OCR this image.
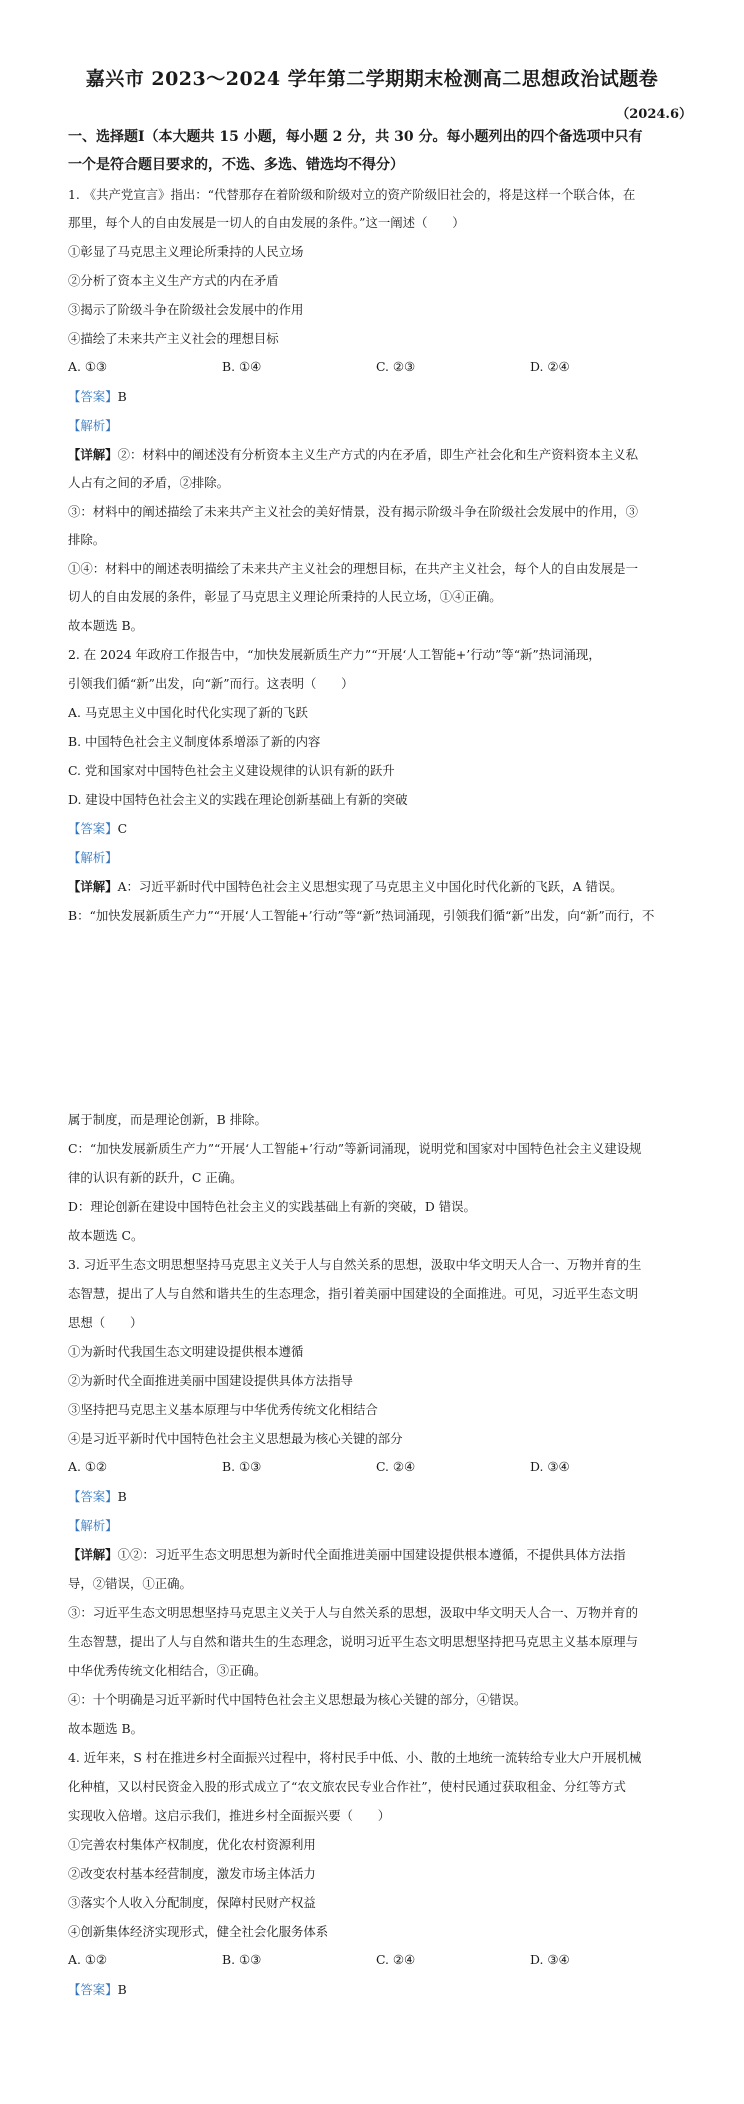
嘉兴市 2023～2024 学年第二学期期末检测高二思想政治试题卷
（2024.6）
一、选择题Ⅰ（本大题共 15 小题，每小题 2 分，共 30 分。每小题列出的四个备选项中只有
一个是符合题目要求的，不选、多选、错选均不得分）
1. 《共产党宣言》指出：“代替那存在着阶级和阶级对立的资产阶级旧社会的，将是这样一个联合体，在
那里，每个人的自由发展是一切人的自由发展的条件。”这一阐述（　　）
①彰显了马克思主义理论所秉持的人民立场
②分析了资本主义生产方式的内在矛盾
③揭示了阶级斗争在阶级社会发展中的作用
④描绘了未来共产主义社会的理想目标
A. ①③	B. ①④	C. ②③	D. ②④
【答案】B
【解析】
【详解】②：材料中的阐述没有分析资本主义生产方式的内在矛盾，即生产社会化和生产资料资本主义私
人占有之间的矛盾，②排除。
③：材料中的阐述描绘了未来共产主义社会的美好情景，没有揭示阶级斗争在阶级社会发展中的作用，③
排除。
①④：材料中的阐述表明描绘了未来共产主义社会的理想目标，在共产主义社会，每个人的自由发展是一
切人的自由发展的条件，彰显了马克思主义理论所秉持的人民立场，①④正确。
故本题选 B。
2. 在 2024 年政府工作报告中，“加快发展新质生产力”“开展‘人工智能+’行动”等“新”热词涌现，
引领我们循“新”出发，向“新”而行。这表明（　　）
A. 马克思主义中国化时代化实现了新的飞跃
B. 中国特色社会主义制度体系增添了新的内容
C. 党和国家对中国特色社会主义建设规律的认识有新的跃升
D. 建设中国特色社会主义的实践在理论创新基础上有新的突破
【答案】C
【解析】
【详解】A：习近平新时代中国特色社会主义思想实现了马克思主义中国化时代化新的飞跃，A 错误。
B：“加快发展新质生产力”“开展‘人工智能+’行动”等“新”热词涌现，引领我们循“新”出发，向“新”而行，不
属于制度，而是理论创新，B 排除。
C：“加快发展新质生产力”“开展‘人工智能+’行动”等新词涌现，说明党和国家对中国特色社会主义建设规
律的认识有新的跃升，C 正确。
D：理论创新在建设中国特色社会主义的实践基础上有新的突破，D 错误。
故本题选 C。
3. 习近平生态文明思想坚持马克思主义关于人与自然关系的思想，汲取中华文明天人合一、万物并育的生
态智慧，提出了人与自然和谐共生的生态理念，指引着美丽中国建设的全面推进。可见，习近平生态文明
思想（　　）
①为新时代我国生态文明建设提供根本遵循
②为新时代全面推进美丽中国建设提供具体方法指导
③坚持把马克思主义基本原理与中华优秀传统文化相结合
④是习近平新时代中国特色社会主义思想最为核心关键的部分
A. ①②	B. ①③	C. ②④	D. ③④
【答案】B
【解析】
【详解】①②：习近平生态文明思想为新时代全面推进美丽中国建设提供根本遵循，不提供具体方法指
导，②错误，①正确。
③：习近平生态文明思想坚持马克思主义关于人与自然关系的思想，汲取中华文明天人合一、万物并育的
生态智慧，提出了人与自然和谐共生的生态理念，说明习近平生态文明思想坚持把马克思主义基本原理与
中华优秀传统文化相结合，③正确。
④：十个明确是习近平新时代中国特色社会主义思想最为核心关键的部分，④错误。
故本题选 B。
4. 近年来，S 村在推进乡村全面振兴过程中，将村民手中低、小、散的土地统一流转给专业大户开展机械
化种植，又以村民资金入股的形式成立了“农文旅农民专业合作社”，使村民通过获取租金、分红等方式
实现收入倍增。这启示我们，推进乡村全面振兴要（　　）
①完善农村集体产权制度，优化农村资源利用
②改变农村基本经营制度，激发市场主体活力
③落实个人收入分配制度，保障村民财产权益
④创新集体经济实现形式，健全社会化服务体系
A. ①②	B. ①③	C. ②④	D. ③④
【答案】B
